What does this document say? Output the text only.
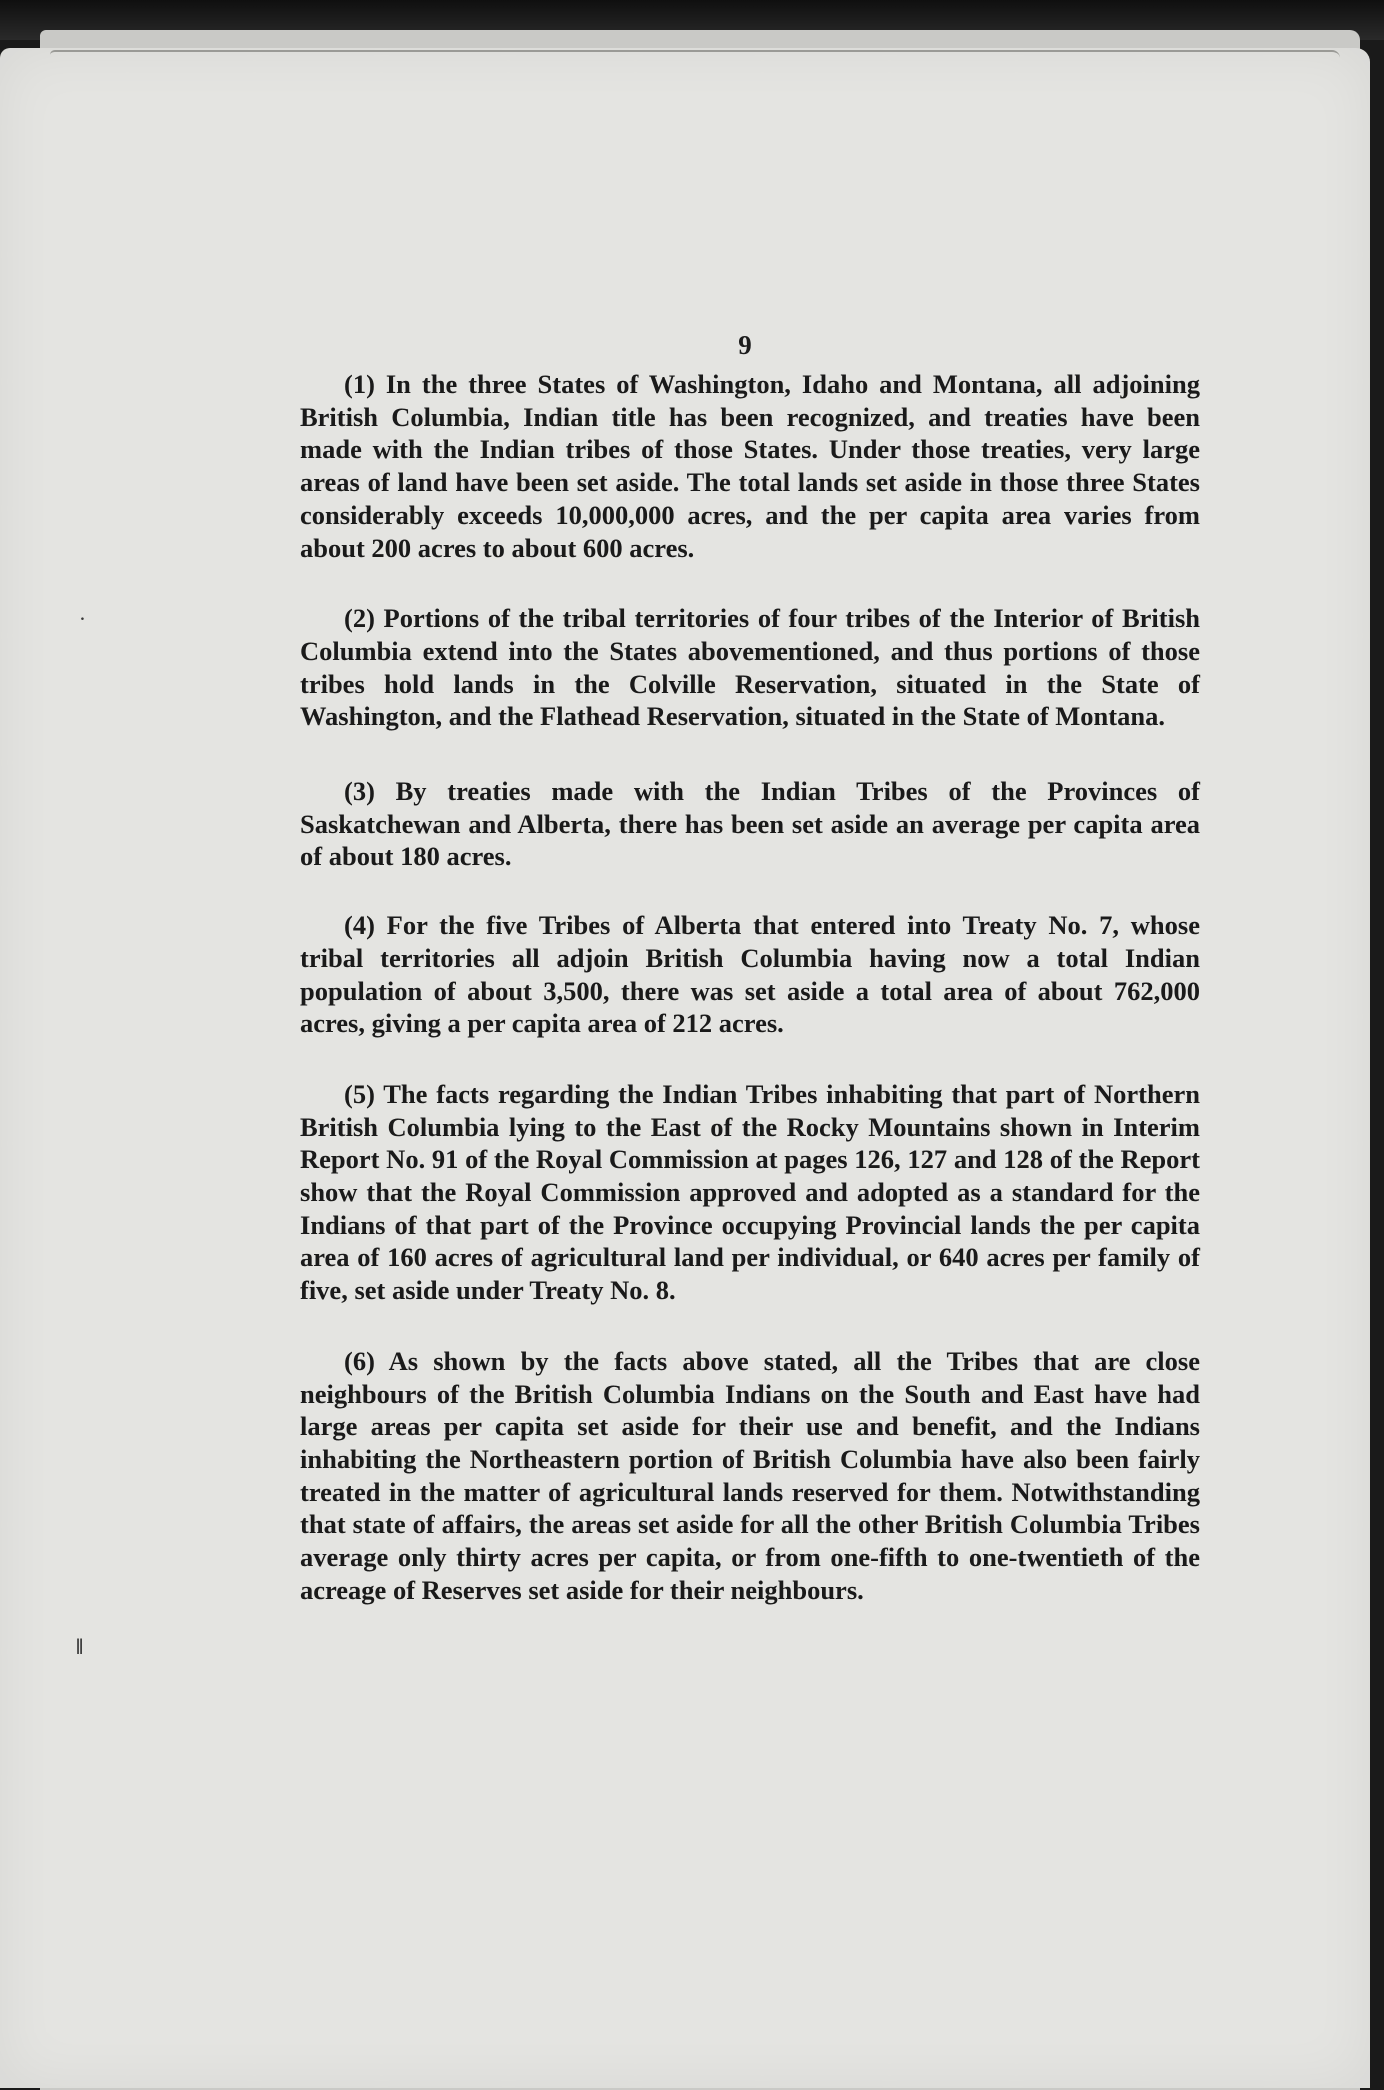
9

(1) In the three States of Washington, Idaho and Montana, all adjoining British Columbia, Indian title has been recognized, and treaties have been made with the Indian tribes of those States. Under those treaties, very large areas of land have been set aside. The total lands set aside in those three States considerably exceeds 10,000,000 acres, and the per capita area varies from about 200 acres to about 600 acres.

(2) Portions of the tribal territories of four tribes of the Interior of British Columbia extend into the States abovementioned, and thus portions of those tribes hold lands in the Colville Reservation, situated in the State of Washington, and the Flathead Reservation, situated in the State of Montana.

(3) By treaties made with the Indian Tribes of the Provinces of Saskatchewan and Alberta, there has been set aside an average per capita area of about 180 acres.

(4) For the five Tribes of Alberta that entered into Treaty No. 7, whose tribal territories all adjoin British Columbia having now a total Indian population of about 3,500, there was set aside a total area of about 762,000 acres, giving a per capita area of 212 acres.

(5) The facts regarding the Indian Tribes inhabiting that part of Northern British Columbia lying to the East of the Rocky Mountains shown in Interim Report No. 91 of the Royal Commission at pages 126, 127 and 128 of the Report show that the Royal Commission approved and adopted as a standard for the Indians of that part of the Province occupying Provincial lands the per capita area of 160 acres of agricultural land per individual, or 640 acres per family of five, set aside under Treaty No. 8.

(6) As shown by the facts above stated, all the Tribes that are close neighbours of the British Columbia Indians on the South and East have had large areas per capita set aside for their use and benefit, and the Indians inhabiting the Northeastern portion of British Columbia have also been fairly treated in the matter of agricultural lands reserved for them. Notwithstanding that state of affairs, the areas set aside for all the other British Columbia Tribes average only thirty acres per capita, or from one-fifth to one-twentieth of the acreage of Reserves set aside for their neighbours.

‖
․
